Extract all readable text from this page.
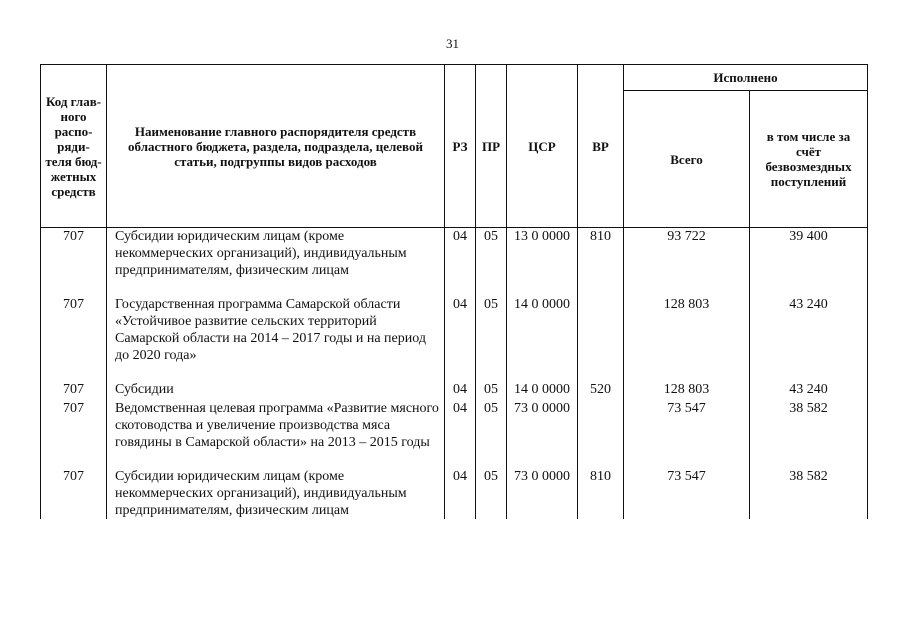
31
Код глав-ного распо-ряди-теля бюд-жетных средств	Наименование главного распорядителя средств областного бюджета, раздела, подраздела, целевой статьи, подгруппы видов расходов	РЗ	ПР	ЦСР	ВР	Исполнено	
						Всего	в том числе за счёт безвозмездных поступлений
707	Субсидии юридическим лицам (кроме некоммерческих организаций), индивидуальным предпринимателям, физическим лицам	04	05	13 0 0000	810	93 722	39 400
707	Государственная программа Самарской области «Устойчивое развитие сельских территорий Самарской области на 2014 – 2017 годы и на период до 2020 года»	04	05	14 0 0000		128 803	43 240
707	Субсидии	04	05	14 0 0000	520	128 803	43 240
707	Ведомственная целевая программа «Развитие мясного скотоводства и увеличение производства мяса говядины в Самарской области» на 2013 – 2015 годы	04	05	73 0 0000		73 547	38 582
707	Субсидии юридическим лицам (кроме некоммерческих организаций), индивидуальным предпринимателям, физическим лицам	04	05	73 0 0000	810	73 547	38 582
